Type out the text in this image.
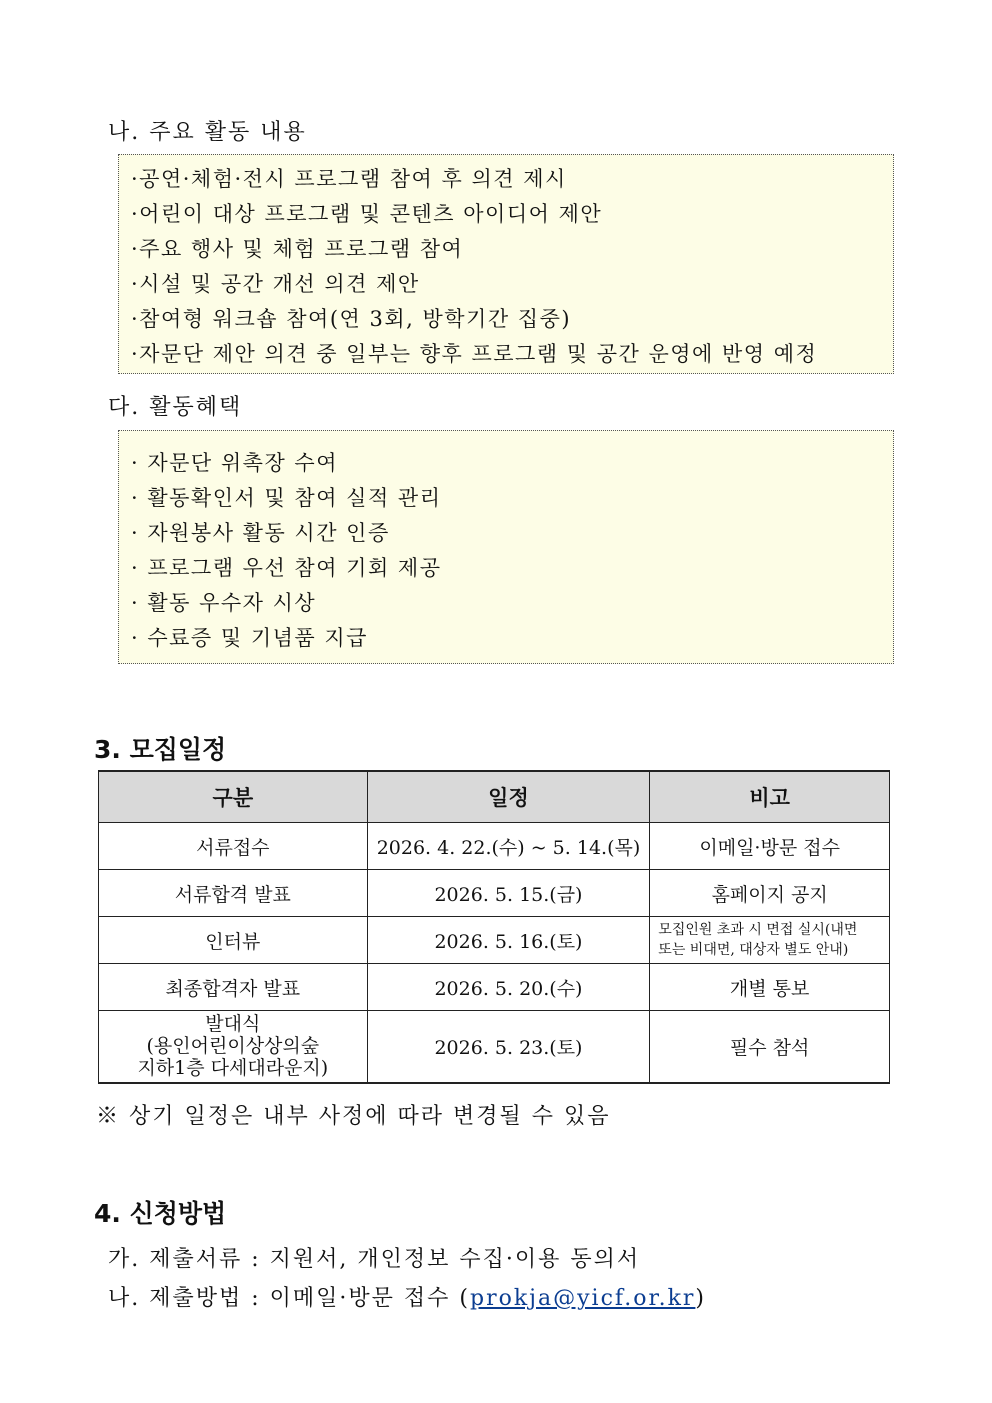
나. 주요 활동 내용
·공연·체험·전시 프로그램 참여 후 의견 제시
·어린이 대상 프로그램 및 콘텐츠 아이디어 제안
·주요 행사 및 체험 프로그램 참여
·시설 및 공간 개선 의견 제안
·참여형 워크숍 참여(연 3회, 방학기간 집중)
·자문단 제안 의견 중 일부는 향후 프로그램 및 공간 운영에 반영 예정
다. 활동혜택
· 자문단 위촉장 수여
· 활동확인서 및 참여 실적 관리
· 자원봉사 활동 시간 인증
· 프로그램 우선 참여 기회 제공
· 활동 우수자 시상
· 수료증 및 기념품 지급
3. 모집일정
구분	일정	비고
서류접수	2026. 4. 22.(수) ~ 5. 14.(목)	이메일·방문 접수
서류합격 발표	2026. 5. 15.(금)	홈페이지 공지
인터뷰	2026. 5. 16.(토)	모집인원 초과 시 면접 실시(내면
또는 비대면, 대상자 별도 안내)

최종합격자 발표	2026. 5. 20.(수)	개별 통보

발대식
(용인어린이상상의숲
지하1층 다세대라운지)	2026. 5. 23.(토)	필수 참석
※ 상기 일정은 내부 사정에 따라 변경될 수 있음
4. 신청방법
가. 제출서류 : 지원서, 개인정보 수집·이용 동의서
나. 제출방법 : 이메일·방문 접수 (prokja@yicf.or.kr)
